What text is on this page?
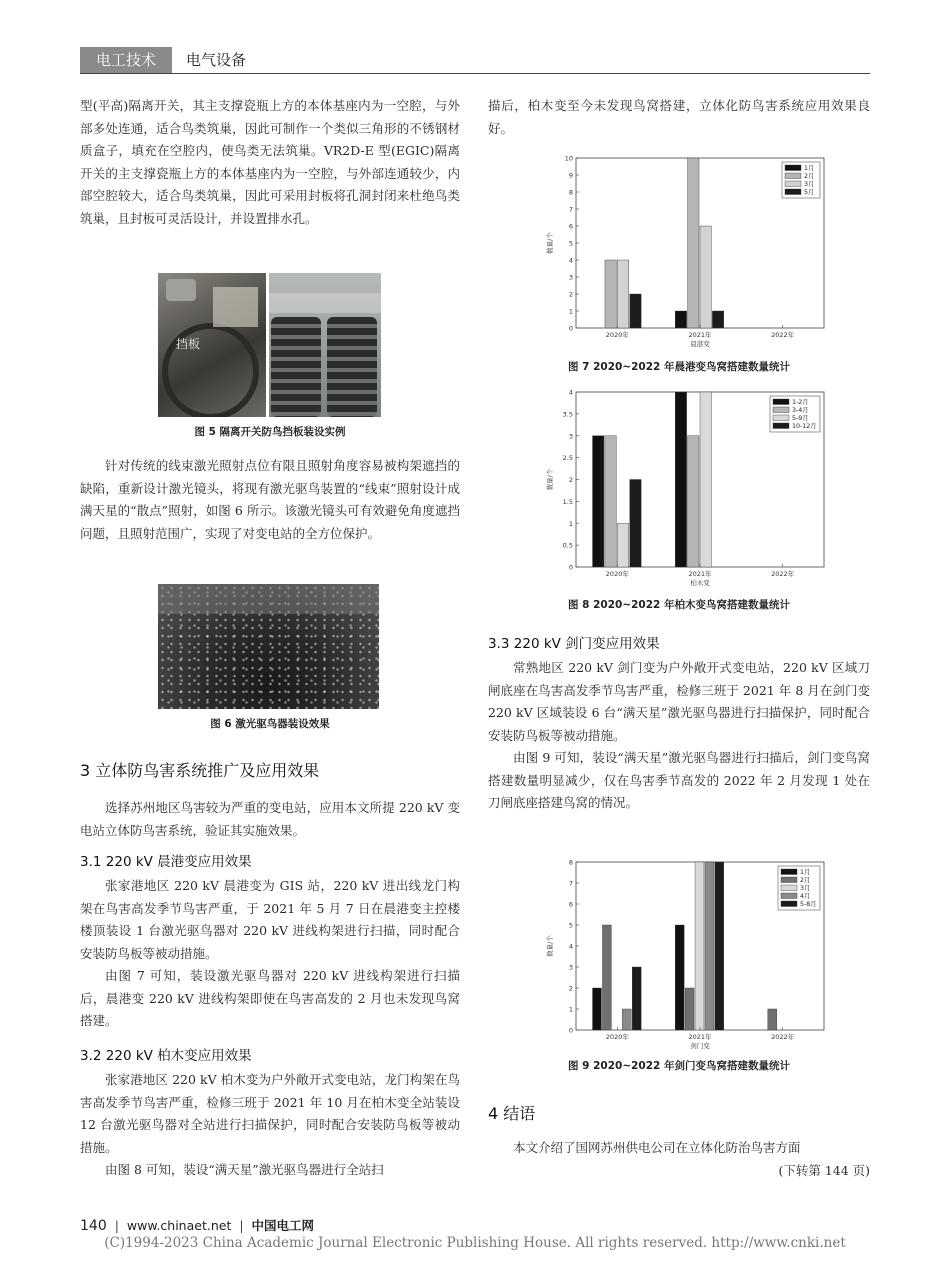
电工技术	电气设备

型(平高)隔离开关，其主支撑瓷瓶上方的本体基座内为一空腔，与外部多处连通，适合鸟类筑巢，因此可制作一个类似三角形的不锈钢材质盒子，填充在空腔内，使鸟类无法筑巢。VR2D-E 型(EGIC)隔离开关的主支撑瓷瓶上方的本体基座内为一空腔，与外部连通较少，内部空腔较大，适合鸟类筑巢，因此可采用封板将孔洞封闭来杜绝鸟类筑巢，且封板可灵活设计，并设置排水孔。

挡板
图 5 隔离开关防鸟挡板装设实例

针对传统的线束激光照射点位有限且照射角度容易被构架遮挡的缺陷，重新设计激光镜头，将现有激光驱鸟装置的“线束”照射设计成满天星的“散点”照射，如图 6 所示。该激光镜头可有效避免角度遮挡问题，且照射范围广，实现了对变电站的全方位保护。

图 6 激光驱鸟器装设效果
3 立体防鸟害系统推广及应用效果

选择苏州地区鸟害较为严重的变电站，应用本文所提 220 kV 变电站立体防鸟害系统，验证其实施效果。

3.1 220 kV 晨港变应用效果

张家港地区 220 kV 晨港变为 GIS 站，220 kV 进出线龙门构架在鸟害高发季节鸟害严重，于 2021 年 5 月 7 日在晨港变主控楼楼顶装设 1 台激光驱鸟器对 220 kV 进线构架进行扫描，同时配合安装防鸟板等被动措施。

由图 7 可知，装设激光驱鸟器对 220 kV 进线构架进行扫描后，晨港变 220 kV 进线构架即使在鸟害高发的 2 月也未发现鸟窝搭建。

3.2 220 kV 柏木变应用效果

张家港地区 220 kV 柏木变为户外敞开式变电站，龙门构架在鸟害高发季节鸟害严重，检修三班于 2021 年 10 月在柏木变全站装设 12 台激光驱鸟器对全站进行扫描保护，同时配合安装防鸟板等被动措施。

由图 8 可知，装设“满天星”激光驱鸟器进行全站扫

描后，柏木变至今未发现鸟窝搭建，立体化防鸟害系统应用效果良好。

0
1
2
3
4
5
6
7
8
9
10
数量/个
2020年	2021年
晨港变
2022年
1月
2月
3月
5月
图 7 2020~2022 年晨港变鸟窝搭建数量统计
0
0.5
1
1.5
2
2.5
3
3.5
4
数量/个
2020年	2021年
柏木变
2022年
1-2月
3-4月
5-9月
10-12月
图 8 2020~2022 年柏木变鸟窝搭建数量统计
3.3 220 kV 剑门变应用效果

常熟地区 220 kV 剑门变为户外敞开式变电站，220 kV 区域刀闸底座在鸟害高发季节鸟害严重，检修三班于 2021 年 8 月在剑门变 220 kV 区域装设 6 台“满天星”激光驱鸟器进行扫描保护，同时配合安装防鸟板等被动措施。

由图 9 可知，装设“满天星”激光驱鸟器进行扫描后，剑门变鸟窝搭建数量明显减少，仅在鸟害季节高发的 2022 年 2 月发现 1 处在刀闸底座搭建鸟窝的情况。

0
1
2
3
4
5
6
7
8
数量/个
2020年	2021年
剑门变
2022年
1月
2月
3月
4月
5-8月
图 9 2020~2022 年剑门变鸟窝搭建数量统计
4 结语

本文介绍了国网苏州供电公司在立体化防治鸟害方面

(下转第 144 页)

140 | www.chinaet.net | 中国电工网
(C)1994-2023 China Academic Journal Electronic Publishing House. All rights reserved. http://www.cnki.net
